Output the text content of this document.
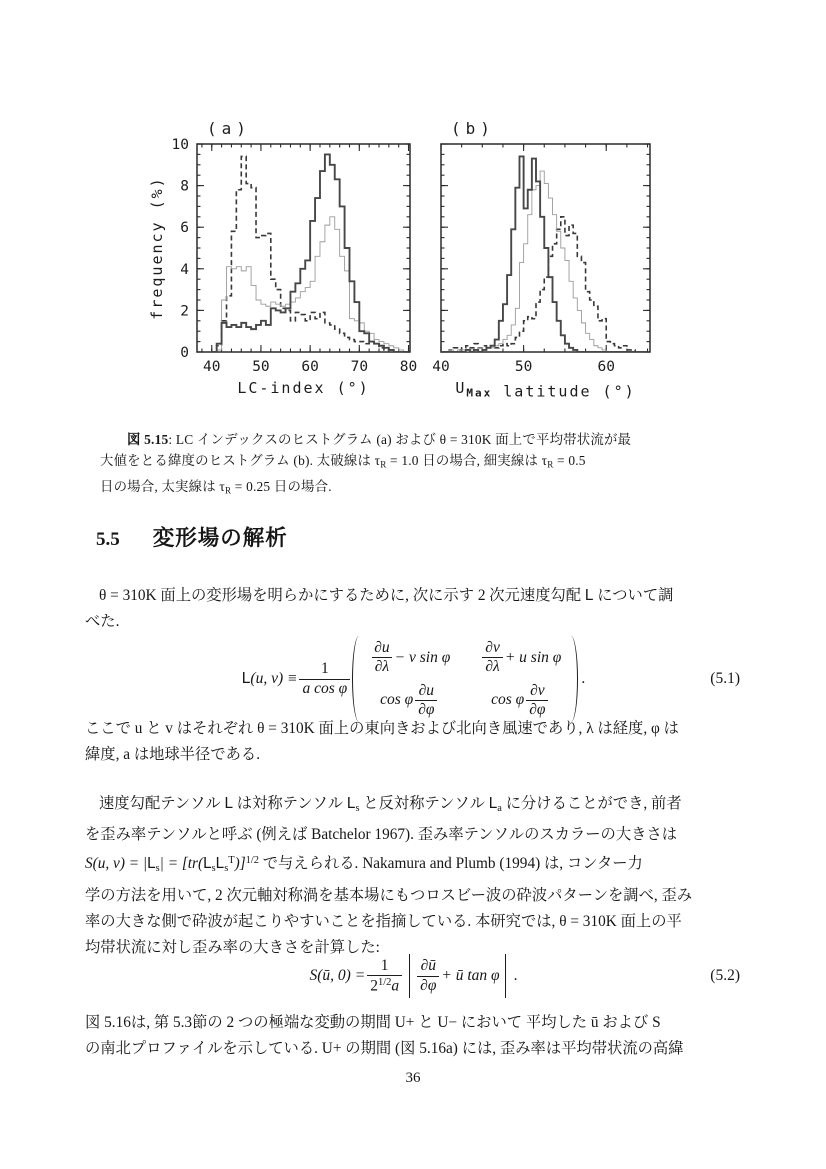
40 50 60 70 80
0
2
4
6
8
10
(a)
LC-index (°)
frequency (%)
40	50	60
(b)
$U_{Max}$ latitude (°)
図 5.15: LC インデックスのヒストグラム (a) および θ = 310K 面上で平均帯状流が最
大値をとる緯度のヒストグラム (b). 太破線は $\tau_R = 1.0$ 日の場合, 細実線は $\tau_R = 0.5$
日の場合, 太実線は $\tau_R = 0.25$ 日の場合.
5.5 変形場の解析
θ = 310K 面上の変形場を明らかにするために, 次に示す 2 次元速度勾配 L について調
べた.
L(u, $v) \equiv \frac{1}{\text{a cos φ}}$
$\frac{\partial u}{\partial\lambda} - v$ sin φ $\frac{\partial v}{\partial\lambda} + u$ sin φ
cos φ $\frac{\partial u}{\partial\varphi}$	cos φ $\frac{\partial v}{\partial\varphi}$
.	(5.1)
ここで u と v はそれぞれ θ = 310K 面上の東向きおよび北向き風速であり, λ は経度, φ は
緯度, a は地球半径である.
速度勾配テンソル L は対称テンソル $L_s$ と反対称テンソル $L_a$ に分けることができ, 前者
を歪み率テンソルと呼ぶ (例えば Batchelor 1967). 歪み率テンソルのスカラーの大きさは
S(u, $v) = |L_s| = [tr(L_sL_s^T)]^{1/2}$ で与えられる. Nakamura and Plumb (1994) は, コンター力
学の方法を用いて, 2 次元軸対称渦を基本場にもつロスビー波の砕波パターンを調べ, 歪み
率の大きな側で砕波が起こりやすいことを指摘している. 本研究では, θ = 310K 面上の平
均帯状流に対し歪み率の大きさを計算した:
S(ū, $0) = \frac{1}{2^{1/2}a} \frac{\partial ū}{\partial\varphi}$ + ū tan φ .	(5.2)
図 5.16は, 第 5.3節の 2 つの極端な変動の期間 U+ と U− において 平均した ū および S
の南北プロファイルを示している. U+ の期間 (図 5.16a) には, 歪み率は平均帯状流の高緯
36
